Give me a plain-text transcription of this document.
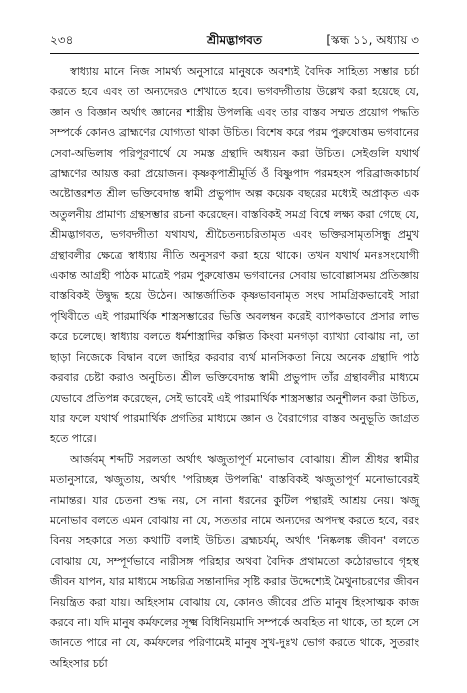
২৩৪	শ্রীমদ্ভাগবত	[স্কন্ধ ১১, অধ্যায় ৩

স্বাধ্যায় মানে নিজ সামর্থ্য অনুসারে মানুষকে অবশ্যই বৈদিক সাহিত্য সম্ভার চর্চা করতে হবে এবং তা অন্যদেরও শেখাতে হবে। ভগবদ্গীতায় উল্লেখ করা হয়েছে যে, জ্ঞান ও বিজ্ঞান অর্থাৎ জ্ঞানের শাস্ত্রীয় উপলব্ধি এবং তার বাস্তব সম্মত প্রয়োগ পদ্ধতি সম্পর্কে কোনও ব্রাহ্মণের যোগ্যতা থাকা উচিত। বিশেষ করে পরম পুরুষোত্তম ভগবানের সেবা-অভিলাষ পরিপূরণার্থে যে সমস্ত গ্রন্থাদি অধ্যয়ন করা উচিত। সেইগুলি যথার্থ ব্রাহ্মণের আয়ত্ত করা প্রয়োজন। কৃষ্ণকৃপাশ্রীমূর্তি ওঁ বিষ্ণুপাদ পরমহংস পরিব্রাজকাচার্য অষ্টোত্তরশত শ্রীল ভক্তিবেদান্ত স্বামী প্রভুপাদ অল্প কয়েক বছরের মধ্যেই অপ্রাকৃত এক অতুলনীয় প্রামাণ্য গ্রন্থসম্ভার রচনা করেছেন। বাস্তবিকই সমগ্র বিশ্বে লক্ষ্য করা গেছে যে, শ্রীমদ্ভাগবত, ভগবদ্গীতা যথাযথ, শ্রীচৈতন্যচরিতামৃত এবং ভক্তিরসামৃতসিন্ধু প্রমুখ গ্রন্থাবলীর ক্ষেত্রে স্বাধ্যায় নীতি অনুসরণ করা হয়ে থাকে। তখন যথার্থ মনঃসংযোগী একান্ত আগ্রহী পাঠক মাত্রেই পরম পুরুষোত্তম ভগবানের সেবায় ভাবোল্লাসময় প্রতিজ্ঞায় বাস্তবিকই উদ্বুদ্ধ হয়ে উঠেন। আন্তর্জাতিক কৃষ্ণভাবনামৃত সংঘ সামগ্রিকভাবেই সারা পৃথিবীতে এই পারমার্থিক শাস্ত্রসম্ভারের ভিত্তি অবলম্বন করেই ব্যাপকভাবে প্রসার লাভ করে চলেছে। স্বাধ্যায় বলতে ধর্মশাস্ত্রাদির কল্পিত কিংবা মনগড়া ব্যাখ্যা বোঝায় না, তা ছাড়া নিজেকে বিদ্বান বলে জাহির করবার ব্যর্থ মানসিকতা নিয়ে অনেক গ্রন্থাদি পাঠ করবার চেষ্টা করাও অনুচিত। শ্রীল ভক্তিবেদান্ত স্বামী প্রভুপাদ তাঁর গ্রন্থাবলীর মাধ্যমে যেভাবে প্রতিপন্ন করেছেন, সেই ভাবেই এই পারমার্থিক শাস্ত্রসম্ভার অনুশীলন করা উচিত, যার ফলে যথার্থ পারমার্থিক প্রগতির মাধ্যমে জ্ঞান ও বৈরাগ্যের বাস্তব অনুভূতি জাগ্রত হতে পারে।

আর্জবম্ শব্দটি সরলতা অর্থাৎ ঋজুতাপূর্ণ মনোভাব বোঝায়। শ্রীল শ্রীধর স্বামীর মতানুসারে, ঋজুতায়, অর্থাৎ 'পরিচ্ছন্ন উপলব্ধি' বাস্তবিকই ঋজুতাপূর্ণ মনোভাবেরই নামান্তর। যার চেতনা শুদ্ধ নয়, সে নানা ধরনের কুটিল পন্থারই আশ্রয় নেয়। ঋজু মনোভাব বলতে এমন বোঝায় না যে, সততার নামে অন্যদের অপদস্থ করতে হবে, বরং বিনয় সহকারে সত্য কথাটি বলাই উচিত। ব্রহ্মচর্যম্, অর্থাৎ 'নিষ্কলঙ্ক জীবন' বলতে বোঝায় যে, সম্পূর্ণভাবে নারীসঙ্গ পরিহার অথবা বৈদিক প্রথামতো কঠোরভাবে গৃহস্থ জীবন যাপন, যার মাধ্যমে সচ্চরিত্র সন্তানাদির সৃষ্টি করার উদ্দেশ্যেই মৈথুনাচরণের জীবন নিয়ন্ত্রিত করা যায়। অহিংসাম বোঝায় যে, কোনও জীবের প্রতি মানুষ হিংসাত্মক কাজ করবে না। যদি মানুষ কর্মফলের সূক্ষ্ম বিধিনিয়মাদি সম্পর্কে অবহিত না থাকে, তা হলে সে জানতে পারে না যে, কর্মফলের পরিণামেই মানুষ সুখ-দুঃখ ভোগ করতে থাকে, সুতরাং অহিংসার চর্চা
